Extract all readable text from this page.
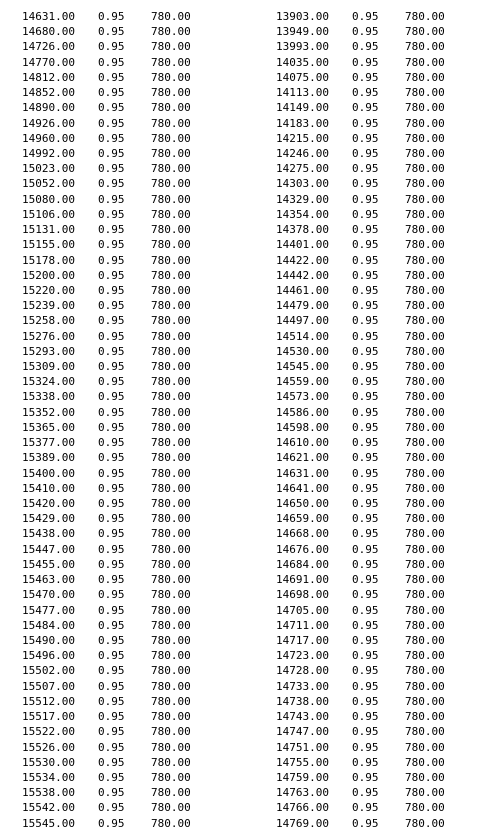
14631.00 0.95 780.00
14680.00 0.95 780.00
14726.00 0.95 780.00
14770.00 0.95 780.00
14812.00 0.95 780.00
14852.00 0.95 780.00
14890.00 0.95 780.00
14926.00 0.95 780.00
14960.00 0.95 780.00
14992.00 0.95 780.00
15023.00 0.95 780.00
15052.00 0.95 780.00
15080.00 0.95 780.00
15106.00 0.95 780.00
15131.00 0.95 780.00
15155.00 0.95 780.00
15178.00 0.95 780.00
15200.00 0.95 780.00
15220.00 0.95 780.00
15239.00 0.95 780.00
15258.00 0.95 780.00
15276.00 0.95 780.00
15293.00 0.95 780.00
15309.00 0.95 780.00
15324.00 0.95 780.00
15338.00 0.95 780.00
15352.00 0.95 780.00
15365.00 0.95 780.00
15377.00 0.95 780.00
15389.00 0.95 780.00
15400.00 0.95 780.00
15410.00 0.95 780.00
15420.00 0.95 780.00
15429.00 0.95 780.00
15438.00 0.95 780.00
15447.00 0.95 780.00
15455.00 0.95 780.00
15463.00 0.95 780.00
15470.00 0.95 780.00
15477.00 0.95 780.00
15484.00 0.95 780.00
15490.00 0.95 780.00
15496.00 0.95 780.00
15502.00 0.95 780.00
15507.00 0.95 780.00
15512.00 0.95 780.00
15517.00 0.95 780.00
15522.00 0.95 780.00
15526.00 0.95 780.00
15530.00 0.95 780.00
15534.00 0.95 780.00
15538.00 0.95 780.00
15542.00 0.95 780.00
15545.00 0.95 780.00
13903.00 0.95 780.00
13949.00 0.95 780.00
13993.00 0.95 780.00
14035.00 0.95 780.00
14075.00 0.95 780.00
14113.00 0.95 780.00
14149.00 0.95 780.00
14183.00 0.95 780.00
14215.00 0.95 780.00
14246.00 0.95 780.00
14275.00 0.95 780.00
14303.00 0.95 780.00
14329.00 0.95 780.00
14354.00 0.95 780.00
14378.00 0.95 780.00
14401.00 0.95 780.00
14422.00 0.95 780.00
14442.00 0.95 780.00
14461.00 0.95 780.00
14479.00 0.95 780.00
14497.00 0.95 780.00
14514.00 0.95 780.00
14530.00 0.95 780.00
14545.00 0.95 780.00
14559.00 0.95 780.00
14573.00 0.95 780.00
14586.00 0.95 780.00
14598.00 0.95 780.00
14610.00 0.95 780.00
14621.00 0.95 780.00
14631.00 0.95 780.00
14641.00 0.95 780.00
14650.00 0.95 780.00
14659.00 0.95 780.00
14668.00 0.95 780.00
14676.00 0.95 780.00
14684.00 0.95 780.00
14691.00 0.95 780.00
14698.00 0.95 780.00
14705.00 0.95 780.00
14711.00 0.95 780.00
14717.00 0.95 780.00
14723.00 0.95 780.00
14728.00 0.95 780.00
14733.00 0.95 780.00
14738.00 0.95 780.00
14743.00 0.95 780.00
14747.00 0.95 780.00
14751.00 0.95 780.00
14755.00 0.95 780.00
14759.00 0.95 780.00
14763.00 0.95 780.00
14766.00 0.95 780.00
14769.00 0.95 780.00
